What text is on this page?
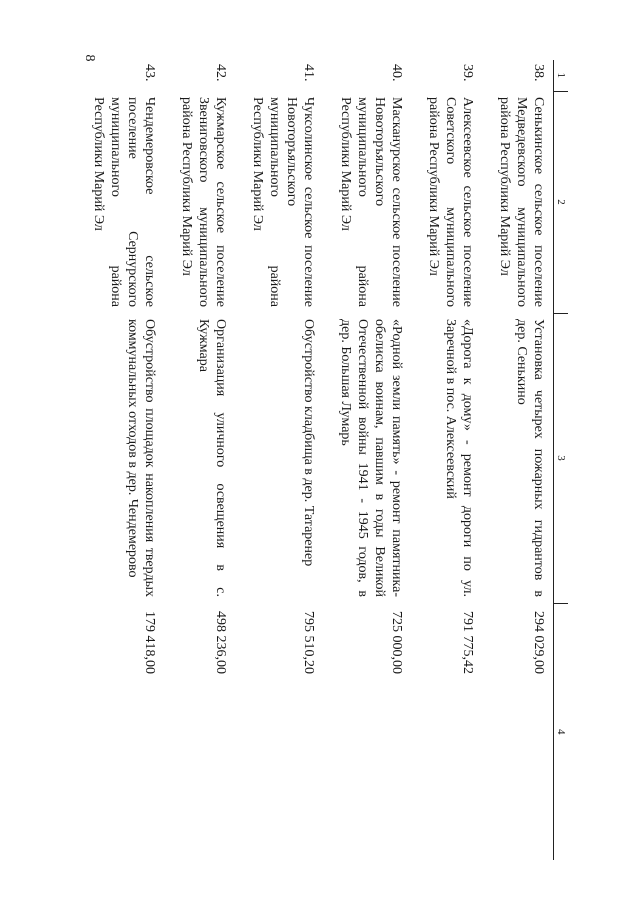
8
1	2	3	4
38.	Сенькинское сельское поселение Медведевского муниципального района Республики Марий Эл	Установка четырех пожарных гидрантов в дер. Сенькино	294 029,00
39.	Алексеевское сельское поселение Советского муниципального района Республики Марий Эл	«Дорога к дому» - ремонт дороги по ул. Заречной в пос. Алексеевский	791 775,42
40.	Масканурское сельское поселение Новоторъяльского муниципального района Республики Марий Эл	«Родной земли память» - ремонт памятника-обелиска воинам, павшим в годы Великой Отечественной войны 1941 - 1945 годов, в дер. Большая Лумарь	725 000,00
41.	Чуксолинское сельское поселение Новоторъяльского муниципального района Республики Марий Эл	Обустройство кладбища в дер. Татаренер	795 510,20
42.	Кужмарское сельское поселение Звениговского муниципального района Республики Марий Эл	Организация уличного освещения в с. Кужмара	498 236,00
43.	Чендемеровское сельское поселение Сернурского муниципального района Республики Марий Эл	Обустройство площадок накопления твердых коммунальных отходов в дер. Чендемерово	179 418,00
